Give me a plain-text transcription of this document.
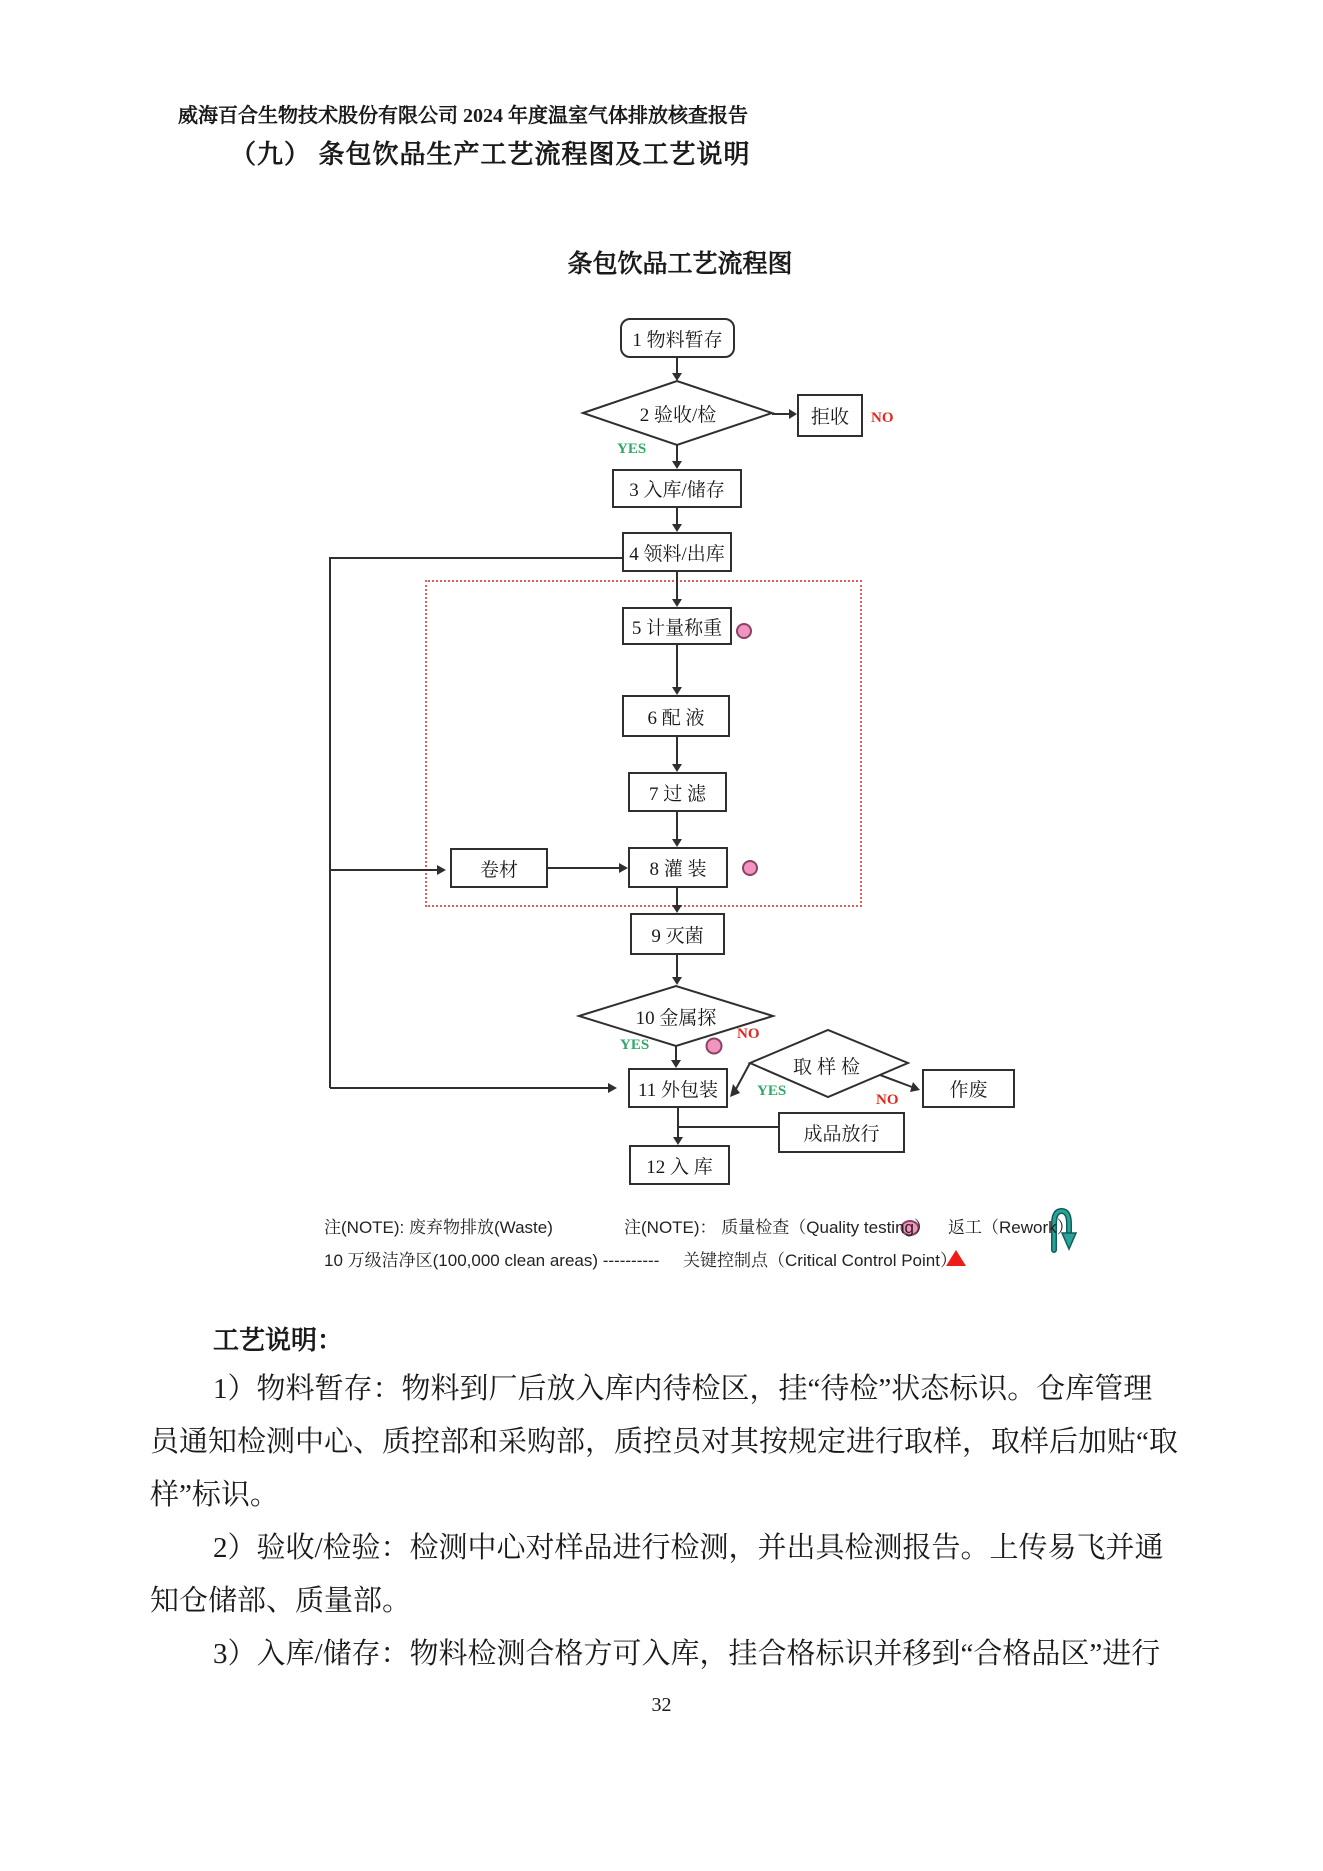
威海百合生物技术股份有限公司 2024 年度温室气体排放核查报告
（九） 条包饮品生产工艺流程图及工艺说明
条包饮品工艺流程图
1 物料暂存
2 验收/检	拒收
3 入库/储存
4 领料/出库
5 计量称重
6 配 液
7 过 滤
卷材	8 灌 装
9 灭菌
10 金属探
取样检
作废
11 外包装
成品放行
12 入 库
YES
NO
YES
NO
YES
NO
注(NOTE): 废弃物排放(Waste)	注(NOTE)： 质量检查（Quality testing） 返工（Rework）
10 万级洁净区(100,000 clean areas) ---------- 关键控制点（Critical Control Point）
工艺说明：
1）物料暂存：物料到厂后放入库内待检区，挂“待检”状态标识。仓库管理
员通知检测中心、质控部和采购部，质控员对其按规定进行取样，取样后加贴“取
样”标识。
2）验收/检验：检测中心对样品进行检测，并出具检测报告。上传易飞并通
知仓储部、质量部。
3）入库/储存：物料检测合格方可入库，挂合格标识并移到“合格品区”进行
32
